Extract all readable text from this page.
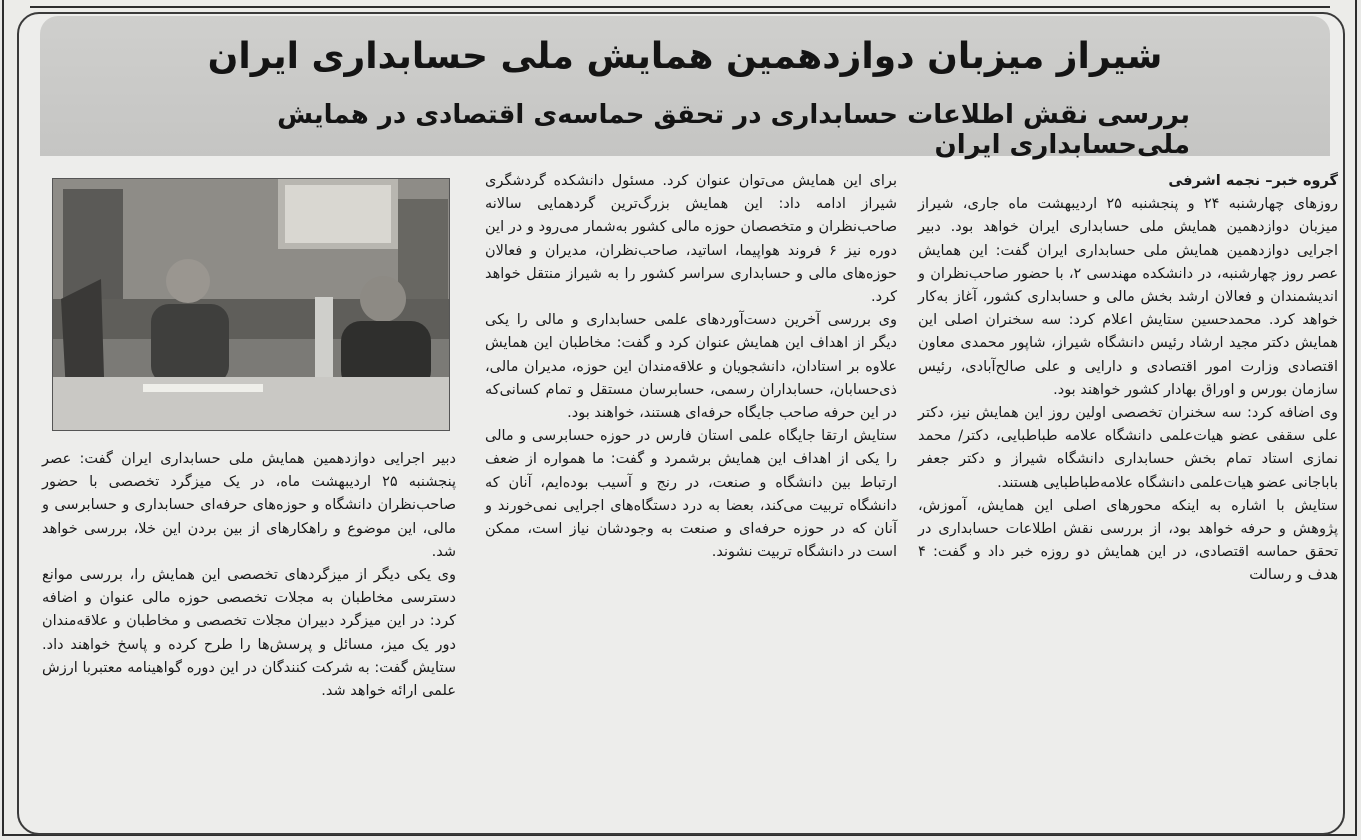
شیراز میزبان دوازدهمین همایش ملی حسابداری ایران
بررسی نقش اطلاعات حسابداری در تحقق حماسه‌ی اقتصادی در همایش ملی‌حسابداری ایران

گروه خبر– نجمه اشرفی

روزهای چهارشنبه ۲۴ و پنجشنبه ۲۵ اردیبهشت ماه جاری، شیراز میزبان دوازدهمین همایش ملی حسابداری ایران خواهد بود. دبیر اجرایی دوازدهمین همایش ملی حسابداری ایران گفت: این همایش عصر روز چهارشنبه، در دانشکده مهندسی ۲، با حضور صاحب‌نظران و اندیشمندان و فعالان ارشد بخش مالی و حسابداری کشور، آغاز به‌کار خواهد کرد. محمدحسین ستایش اعلام کرد: سه سخنران اصلی این همایش دکتر مجید ارشاد رئیس دانشگاه شیراز، شاپور محمدی معاون اقتصادی وزارت امور اقتصادی و دارایی و علی صالح‌آبادی، رئیس سازمان بورس و اوراق بهادار کشور خواهند بود.

وی اضافه کرد: سه سخنران تخصصی اولین روز این همایش نیز، دکتر علی سقفی عضو هیات‌علمی دانشگاه علامه طباطبایی، دکتر/ محمد نمازی استاد تمام بخش حسابداری دانشگاه شیراز و دکتر جعفر باباجانی عضو هیات‌علمی دانشگاه علامه‌طباطبایی هستند.

ستایش با اشاره به اینکه محورهای اصلی این همایش، آموزش، پژوهش و حرفه خواهد بود، از بررسی نقش اطلاعات حسابداری در تحقق حماسه اقتصادی، در این همایش دو روزه خبر داد و گفت: ۴ هدف و رسالت

برای این همایش می‌توان عنوان کرد. مسئول دانشکده گردشگری شیراز ادامه داد: این همایش بزرگ‌ترین گردهمایی سالانه صاحب‌نظران و متخصصان حوزه مالی کشور به‌شمار می‌رود و در این دوره نیز ۶ فروند هواپیما، اساتید، صاحب‌نظران، مدیران و فعالان حوزه‌های مالی و حسابداری سراسر کشور را به شیراز منتقل خواهد کرد.

وی بررسی آخرین دست‌آوردهای علمی حسابداری و مالی را یکی دیگر از اهداف این همایش عنوان کرد و گفت: مخاطبان این همایش علاوه بر استادان، دانشجویان و علاقه‌مندان این حوزه، مدیران مالی، ذی‌حسابان، حسابداران رسمی، حسابرسان مستقل و تمام کسانی‌که در این حرفه صاحب جایگاه حرفه‌ای هستند، خواهند بود.

ستایش ارتقا جایگاه علمی استان فارس در حوزه حسابرسی و مالی را یکی از اهداف این همایش برشمرد و گفت: ما همواره از ضعف ارتباط بین دانشگاه و صنعت، در رنج و آسیب بوده‌ایم، آنان که دانشگاه تربیت می‌کند، بعضا به درد دستگاه‌های اجرایی نمی‌خورند و آنان که در حوزه حرفه‌ای و صنعت به وجودشان نیاز است، ممکن است در دانشگاه تربیت نشوند.

دبیر اجرایی دوازدهمین همایش ملی حسابداری ایران گفت: عصر پنجشنبه ۲۵ اردیبهشت ماه، در یک میزگرد تخصصی با حضور صاحب‌نظران دانشگاه و حوزه‌های حرفه‌ای حسابداری و حسابرسی و مالی، این موضوع و راهکارهای از بین بردن این خلا، بررسی خواهد شد.

وی یکی دیگر از میزگردهای تخصصی این همایش را، بررسی موانع دسترسی مخاطبان به مجلات تخصصی حوزه مالی عنوان و اضافه کرد: در این میزگرد دبیران مجلات تخصصی و مخاطبان و علاقه‌مندان دور یک میز، مسائل و پرسش‌ها را طرح کرده و پاسخ خواهند داد. ستایش گفت: به شرکت کنندگان در این دوره گواهینامه معتبربا ارزش علمی ارائه خواهد شد.
